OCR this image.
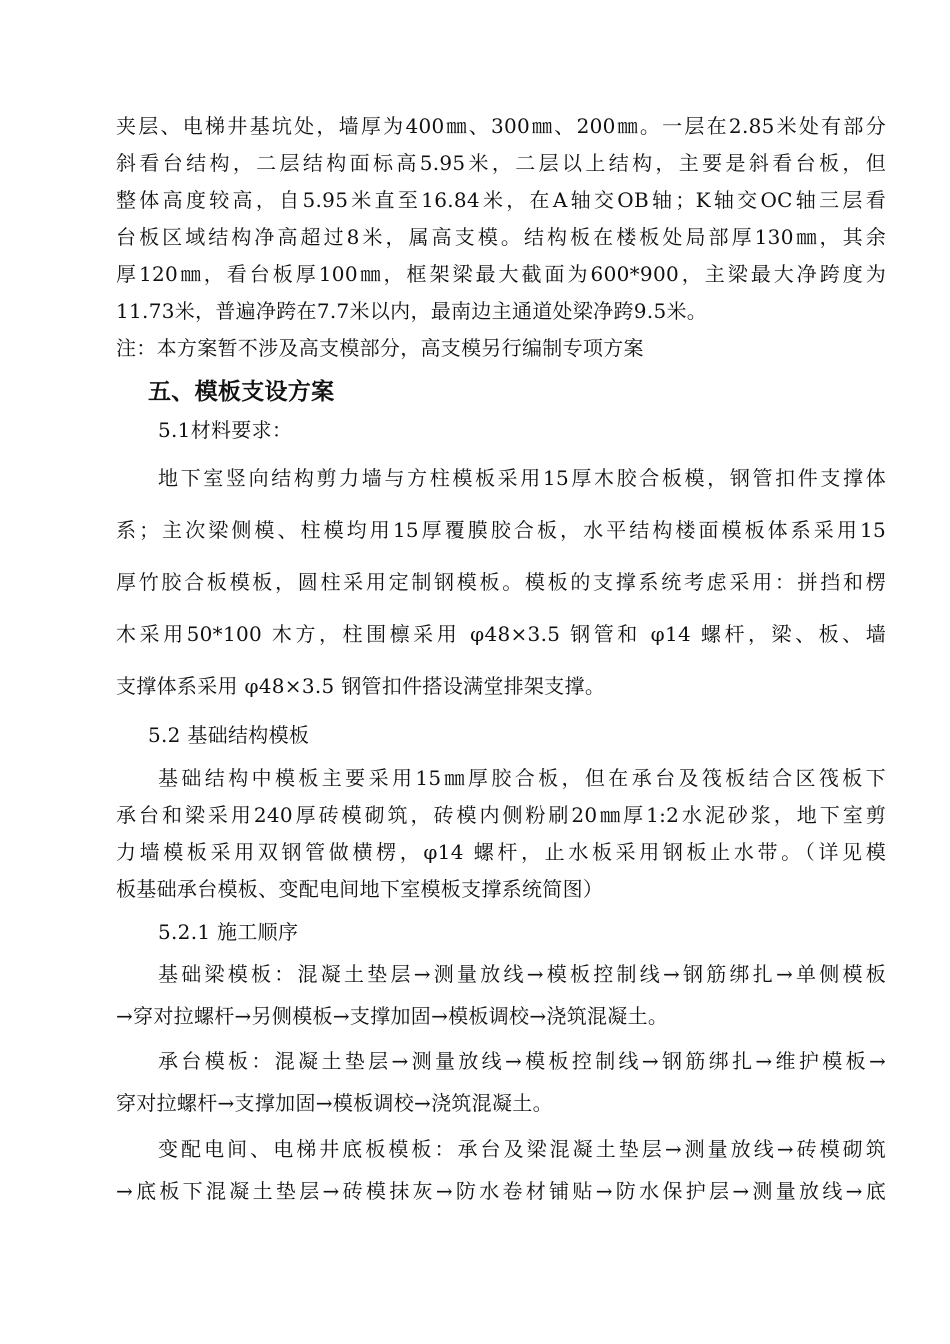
夹层、电梯井基坑处，墙厚为400㎜、300㎜、200㎜。一层在2.85米处有部分
斜看台结构，二层结构面标高5.95米，二层以上结构，主要是斜看台板，但
整体高度较高，自5.95米直至16.84米，在A轴交OB轴；K轴交OC轴三层看
台板区域结构净高超过8米，属高支模。结构板在楼板处局部厚130㎜，其余
厚120㎜，看台板厚100㎜，框架梁最大截面为600*900，主梁最大净跨度为
11.73米，普遍净跨在7.7米以内，最南边主通道处梁净跨9.5米。
注：本方案暂不涉及高支模部分，高支模另行编制专项方案
五、模板支设方案
5.1材料要求：
地下室竖向结构剪力墙与方柱模板采用15厚木胶合板模，钢管扣件支撑体
系；主次梁侧模、柱模均用15厚覆膜胶合板，水平结构楼面模板体系采用15
厚竹胶合板模板，圆柱采用定制钢模板。模板的支撑系统考虑采用：拼挡和楞
木采用50*100 木方，柱围檩采用 φ48×3.5 钢管和 φ14 螺杆，梁、板、墙
支撑体系采用 φ48×3.5 钢管扣件搭设满堂排架支撑。
5.2 基础结构模板
基础结构中模板主要采用15㎜厚胶合板，但在承台及筏板结合区筏板下
承台和梁采用240厚砖模砌筑，砖模内侧粉刷20㎜厚1:2水泥砂浆，地下室剪
力墙模板采用双钢管做横楞，φ14 螺杆，止水板采用钢板止水带。（详见模
板基础承台模板、变配电间地下室模板支撑系统简图）
5.2.1 施工顺序
基础梁模板：混凝土垫层→测量放线→模板控制线→钢筋绑扎→单侧模板
→穿对拉螺杆→另侧模板→支撑加固→模板调校→浇筑混凝土。
承台模板：混凝土垫层→测量放线→模板控制线→钢筋绑扎→维护模板→
穿对拉螺杆→支撑加固→模板调校→浇筑混凝土。
变配电间、电梯井底板模板：承台及梁混凝土垫层→测量放线→砖模砌筑
→底板下混凝土垫层→砖模抹灰→防水卷材铺贴→防水保护层→测量放线→底
